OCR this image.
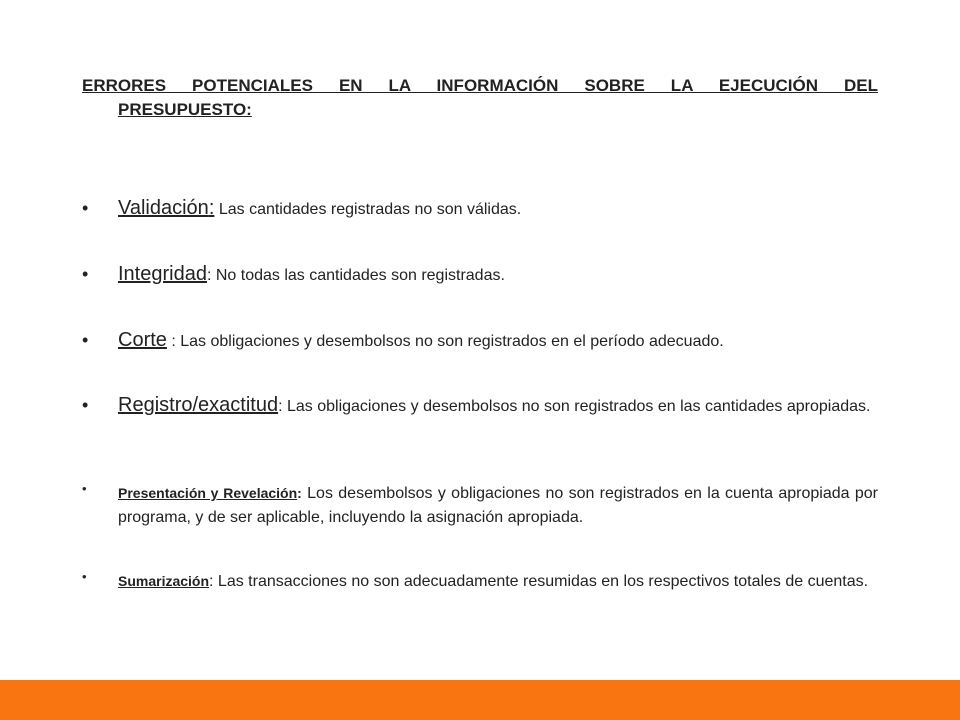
ERRORES POTENCIALES EN LA INFORMACIÓN SOBRE LA EJECUCIÓN DEL
PRESUPUESTO:
• Validación: Las cantidades registradas no son válidas.
• Integridad: No todas las cantidades son registradas.
• Corte : Las obligaciones y desembolsos no son registrados en el período adecuado.
• Registro/exactitud: Las obligaciones y desembolsos no son registrados en las cantidades apropiadas.
• Presentación y Revelación: Los desembolsos y obligaciones no son registrados en la cuenta apropiada por programa, y de ser aplicable, incluyendo la asignación apropiada.
• Sumarización: Las transacciones no son adecuadamente resumidas en los respectivos totales de cuentas.
